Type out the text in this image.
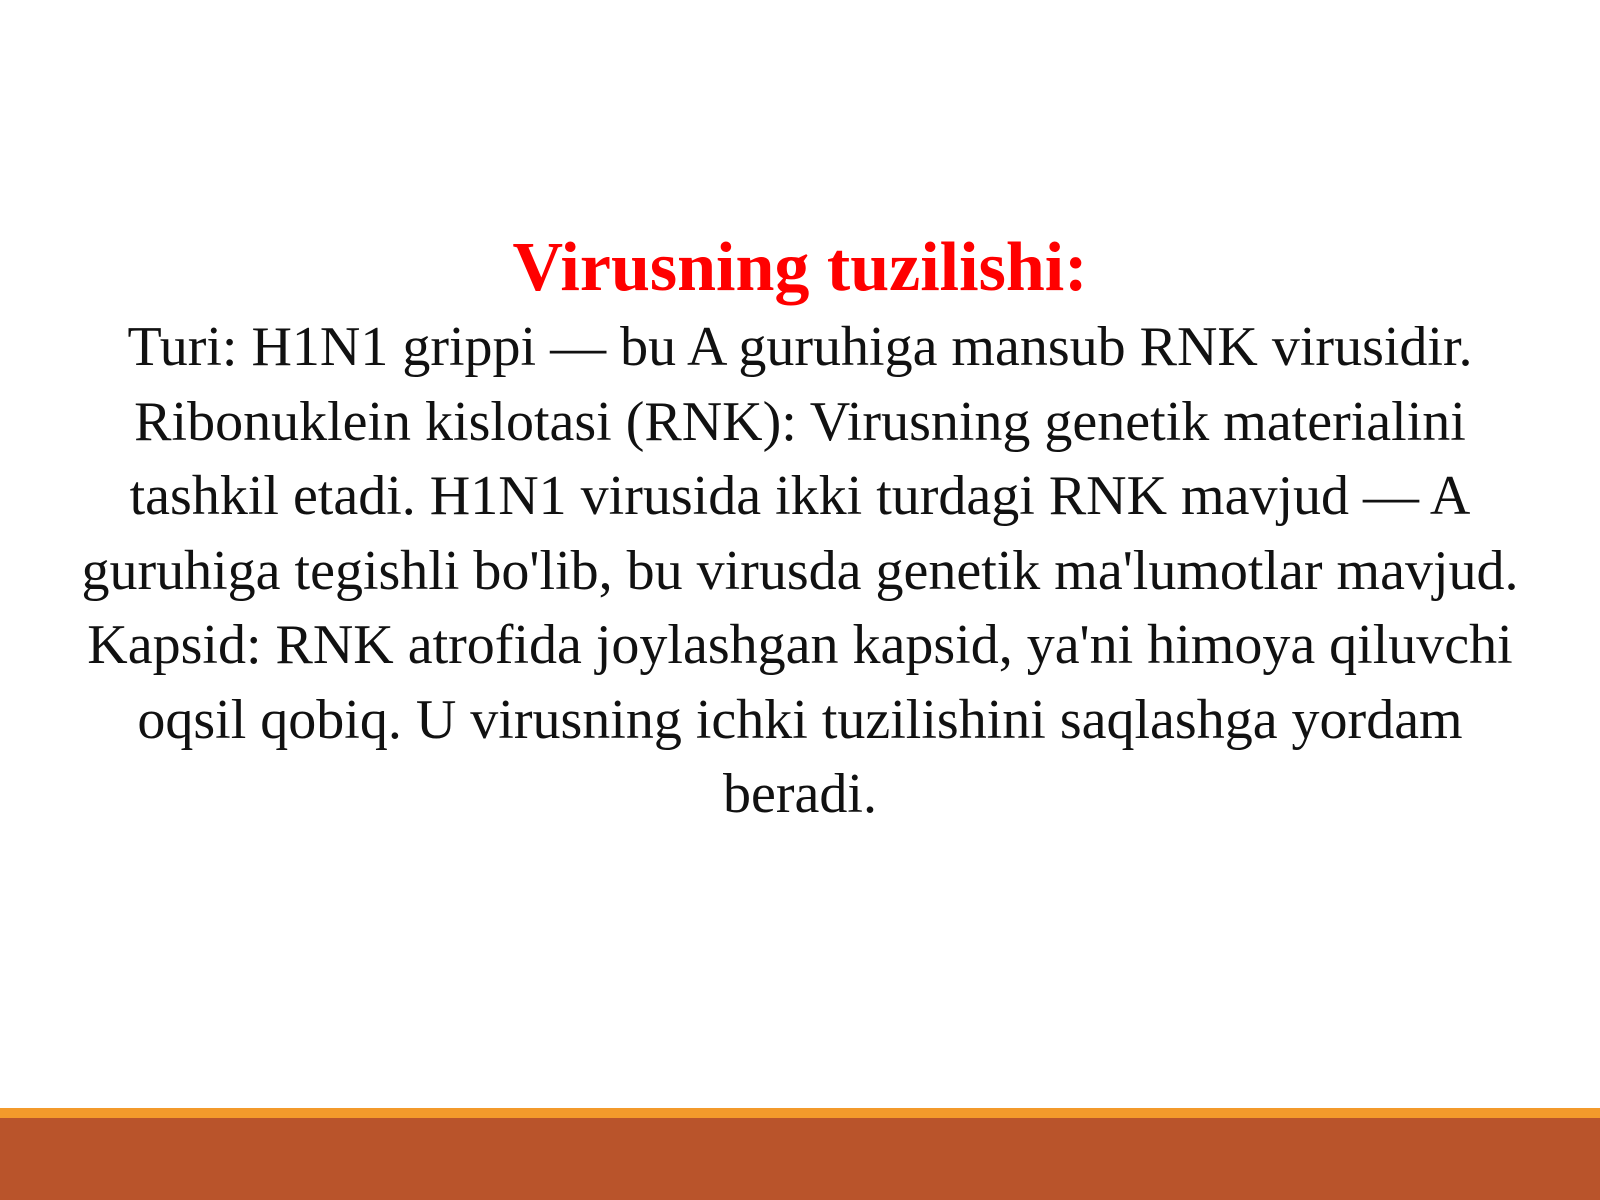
Virusning tuzilishi:

Turi: H1N1 grippi — bu A guruhiga mansub RNK virusidir. Ribonuklein kislotasi (RNK): Virusning genetik materialini tashkil etadi. H1N1 virusida ikki turdagi RNK mavjud — A guruhiga tegishli bo'lib, bu virusda genetik ma'lumotlar mavjud. Kapsid: RNK atrofida joylashgan kapsid, ya'ni himoya qiluvchi oqsil qobiq. U virusning ichki tuzilishini saqlashga yordam beradi.
